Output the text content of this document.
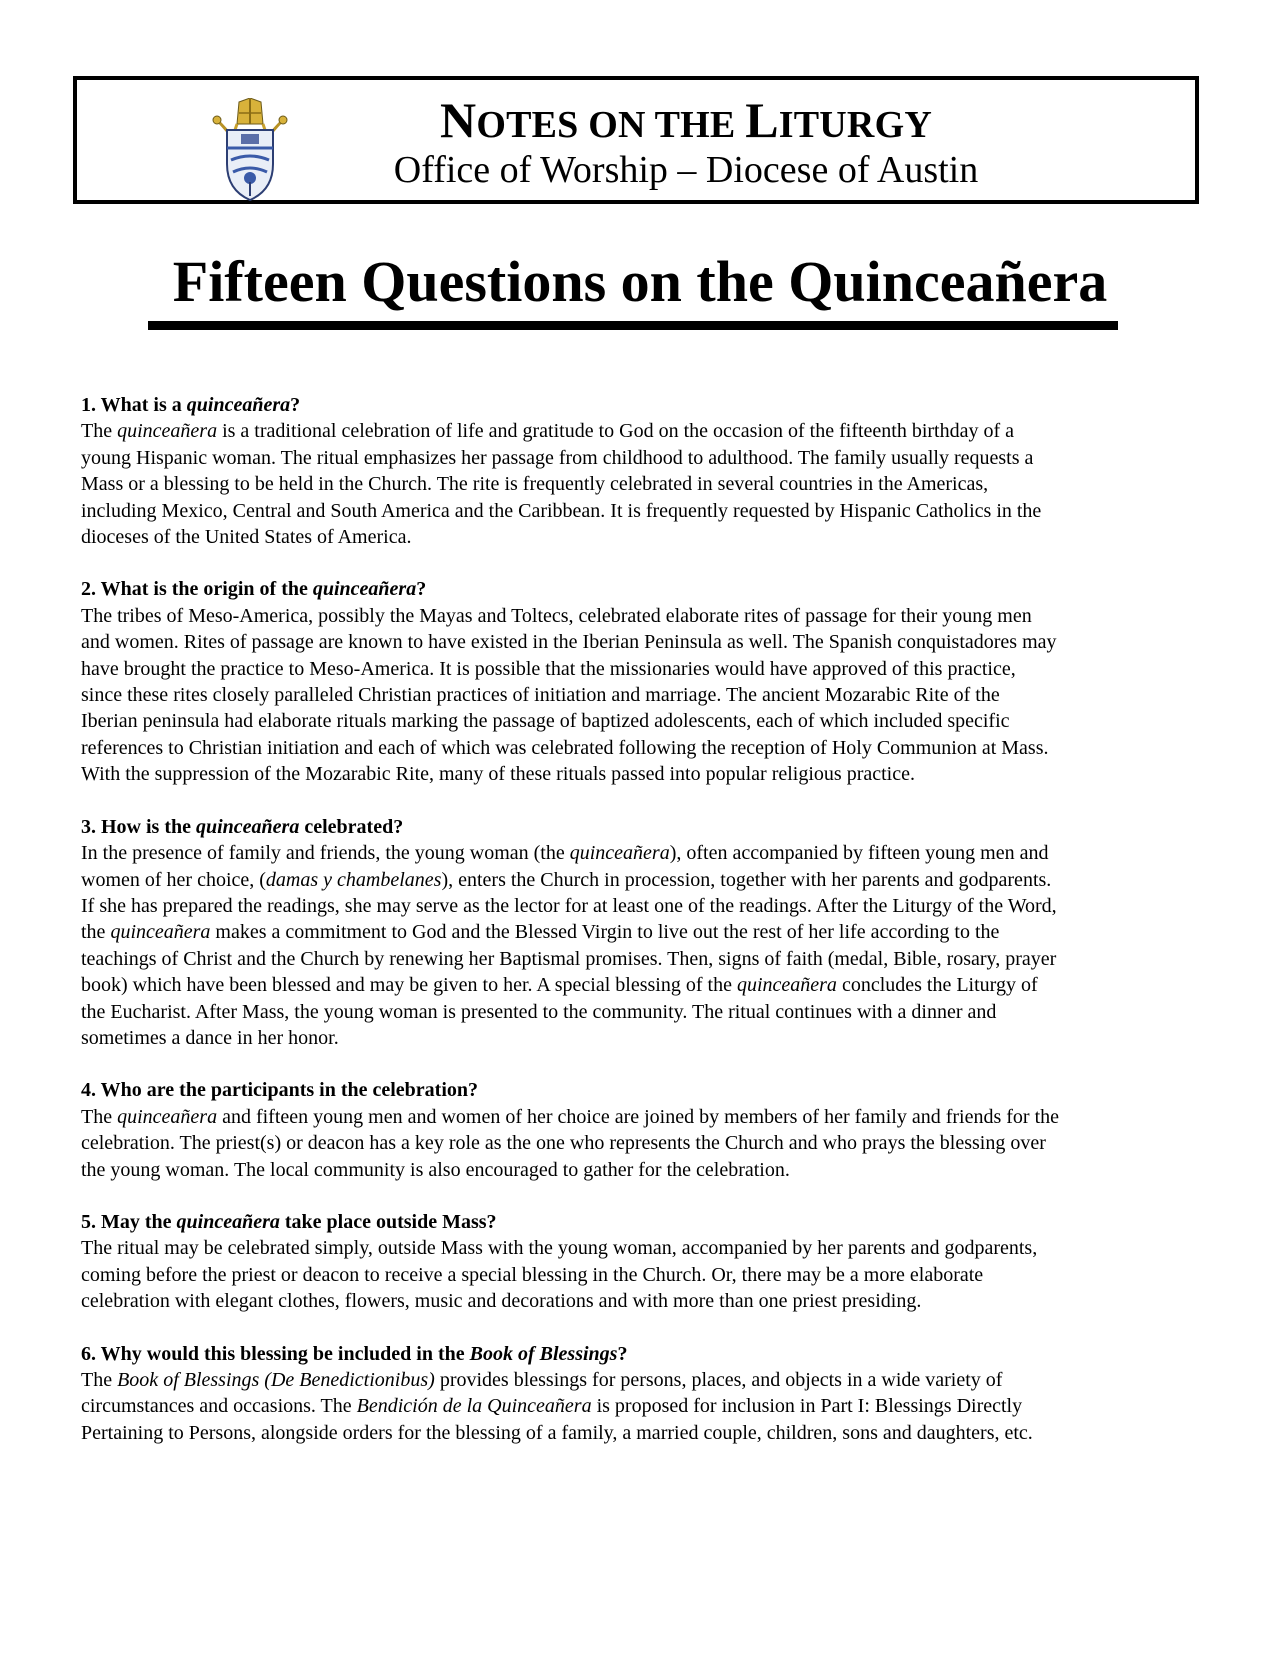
NOTES ON THE LITURGY
Office of Worship – Diocese of Austin
Fifteen Questions on the Quinceañera
1. What is a quinceañera?
The quinceañera is a traditional celebration of life and gratitude to God on the occasion of the fifteenth birthday of a
young Hispanic woman. The ritual emphasizes her passage from childhood to adulthood. The family usually requests a
Mass or a blessing to be held in the Church. The rite is frequently celebrated in several countries in the Americas,
including Mexico, Central and South America and the Caribbean. It is frequently requested by Hispanic Catholics in the
dioceses of the United States of America.
2. What is the origin of the quinceañera?
The tribes of Meso-America, possibly the Mayas and Toltecs, celebrated elaborate rites of passage for their young men
and women. Rites of passage are known to have existed in the Iberian Peninsula as well. The Spanish conquistadores may
have brought the practice to Meso-America. It is possible that the missionaries would have approved of this practice,
since these rites closely paralleled Christian practices of initiation and marriage. The ancient Mozarabic Rite of the
Iberian peninsula had elaborate rituals marking the passage of baptized adolescents, each of which included specific
references to Christian initiation and each of which was celebrated following the reception of Holy Communion at Mass.
With the suppression of the Mozarabic Rite, many of these rituals passed into popular religious practice.
3. How is the quinceañera celebrated?
In the presence of family and friends, the young woman (the quinceañera), often accompanied by fifteen young men and
women of her choice, (damas y chambelanes), enters the Church in procession, together with her parents and godparents.
If she has prepared the readings, she may serve as the lector for at least one of the readings. After the Liturgy of the Word,
the quinceañera makes a commitment to God and the Blessed Virgin to live out the rest of her life according to the
teachings of Christ and the Church by renewing her Baptismal promises. Then, signs of faith (medal, Bible, rosary, prayer
book) which have been blessed and may be given to her. A special blessing of the quinceañera concludes the Liturgy of
the Eucharist. After Mass, the young woman is presented to the community. The ritual continues with a dinner and
sometimes a dance in her honor.
4. Who are the participants in the celebration?
The quinceañera and fifteen young men and women of her choice are joined by members of her family and friends for the
celebration. The priest(s) or deacon has a key role as the one who represents the Church and who prays the blessing over
the young woman. The local community is also encouraged to gather for the celebration.
5. May the quinceañera take place outside Mass?
The ritual may be celebrated simply, outside Mass with the young woman, accompanied by her parents and godparents,
coming before the priest or deacon to receive a special blessing in the Church. Or, there may be a more elaborate
celebration with elegant clothes, flowers, music and decorations and with more than one priest presiding.
6. Why would this blessing be included in the Book of Blessings?
The Book of Blessings (De Benedictionibus) provides blessings for persons, places, and objects in a wide variety of
circumstances and occasions. The Bendición de la Quinceañera is proposed for inclusion in Part I: Blessings Directly
Pertaining to Persons, alongside orders for the blessing of a family, a married couple, children, sons and daughters, etc.
